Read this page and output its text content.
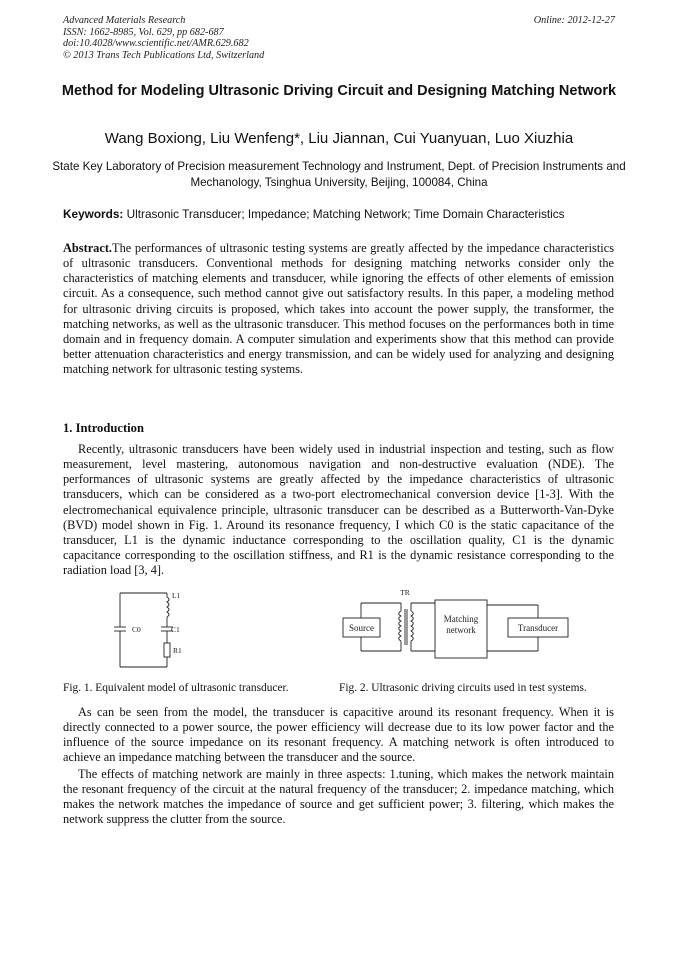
Advanced Materials Research
ISSN: 1662-8985, Vol. 629, pp 682-687
doi:10.4028/www.scientific.net/AMR.629.682
© 2013 Trans Tech Publications Ltd, Switzerland
Online: 2012-12-27
Method for Modeling Ultrasonic Driving Circuit and Designing Matching Network
Wang Boxiong, Liu Wenfeng*, Liu Jiannan, Cui Yuanyuan, Luo Xiuzhia
State Key Laboratory of Precision measurement Technology and Instrument, Dept. of Precision Instruments and Mechanology, Tsinghua University, Beijing, 100084, China
Keywords: Ultrasonic Transducer; Impedance; Matching Network; Time Domain Characteristics

Abstract.The performances of ultrasonic testing systems are greatly affected by the impedance characteristics of ultrasonic transducers. Conventional methods for designing matching networks consider only the characteristics of matching elements and transducer, while ignoring the effects of other elements of emission circuit. As a consequence, such method cannot give out satisfactory results. In this paper, a modeling method for ultrasonic driving circuits is proposed, which takes into account the power supply, the transformer, the matching networks, as well as the ultrasonic transducer. This method focuses on the performances both in time domain and in frequency domain. A computer simulation and experiments show that this method can provide better attenuation characteristics and energy transmission, and can be widely used for analyzing and designing matching network for ultrasonic testing systems.

1. Introduction

Recently, ultrasonic transducers have been widely used in industrial inspection and testing, such as flow measurement, level mastering, autonomous navigation and non-destructive evaluation (NDE). The performances of ultrasonic systems are greatly affected by the impedance characteristics of ultrasonic transducers, which can be considered as a two-port electromechanical conversion device [1-3]. With the electromechanical equivalence principle, ultrasonic transducer can be described as a Butterworth-Van-Dyke (BVD) model shown in Fig. 1. Around its resonance frequency, I which C0 is the static capacitance of the transducer, L1 is the dynamic inductance corresponding to the oscillation quality, C1 is the dynamic capacitance corresponding to the oscillation stiffness, and R1 is the dynamic resistance corresponding to the radiation load [3, 4].

L1
C0	C1
R1
TR
Source
Matching
network	Transducer
Fig. 1. Equivalent model of ultrasonic transducer.	Fig. 2. Ultrasonic driving circuits used in test systems.

As can be seen from the model, the transducer is capacitive around its resonant frequency. When it is directly connected to a power source, the power efficiency will decrease due to its low power factor and the influence of the source impedance on its resonant frequency. A matching network is often introduced to achieve an impedance matching between the transducer and the source.

The effects of matching network are mainly in three aspects: 1.tuning, which makes the network maintain the resonant frequency of the circuit at the natural frequency of the transducer; 2. impedance matching, which makes the network matches the impedance of source and get sufficient power; 3. filtering, which makes the network suppress the clutter from the source.
